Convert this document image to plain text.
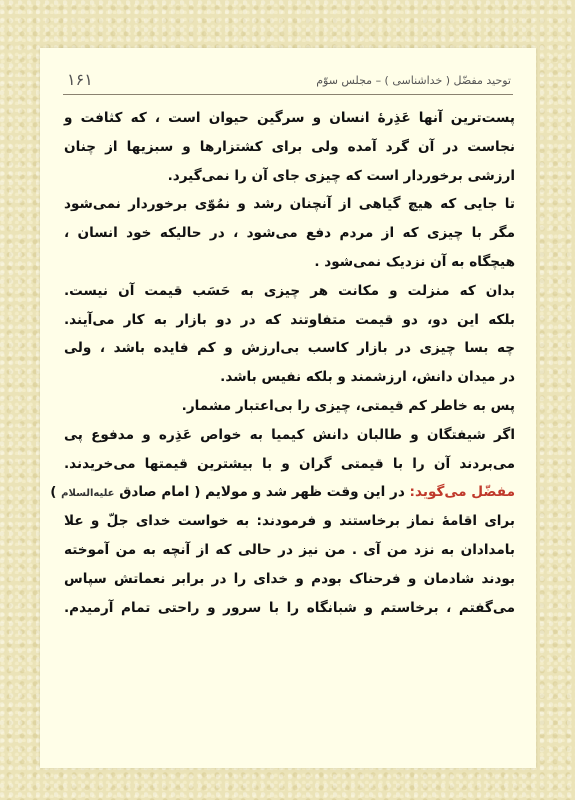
توحید مفضّل ( خداشناسی ) – مجلس سوّم
۱۶۱
پست‌ترین آنها عَذِرهٔ انسان و سرگین حیوان است ، که کثافت و
نجاست در آن گرد آمده ولی برای کشتزارها و سبزیها از چنان
ارزشی برخوردار است که چیزی جای آن را نمی‌گیرد.
تا جایی که هیچ گیاهی از آنچنان رشد و نمُوّی برخوردار نمی‌شود
مگر با چیزی که از مردم دفع می‌شود ، در حالیکه خود انسان ،
هیچگاه به آن نزدیک نمی‌شود .
بدان که منزلت و مکانت هر چیزی به حَسَب قیمت آن نیست.
بلکه این دو، دو قیمت متفاوتند که در دو بازار به کار می‌آیند.
چه بسا چیزی در بازار کاسب بی‌ارزش و کم فایده باشد ، ولی
در میدان دانش، ارزشمند و بلکه نفیس باشد.
پس به خاطر کم قیمتی، چیزی را بی‌اعتبار مشمار.
اگر شیفتگان و طالبان دانش کیمیا به خواص عَذِره و مدفوع پی
می‌بردند آن را با قیمتی گران و با بیشترین قیمتها می‌خریدند.
مفضّل می‌گوید: در این وقت ظهر شد و مولایم ( امام صادق علیه‌السلام )
برای اقامهٔ نماز برخاستند و فرمودند: به خواست خدای جلّ و علا
بامدادان به نزد من آی . من نیز در حالی که از آنچه به من آموخته
بودند شادمان و فرحناک بودم و خدای را در برابر نعماتش سپاس
می‌گفتم ، برخاستم و شبانگاه را با سرور و راحتی تمام آرمیدم.
